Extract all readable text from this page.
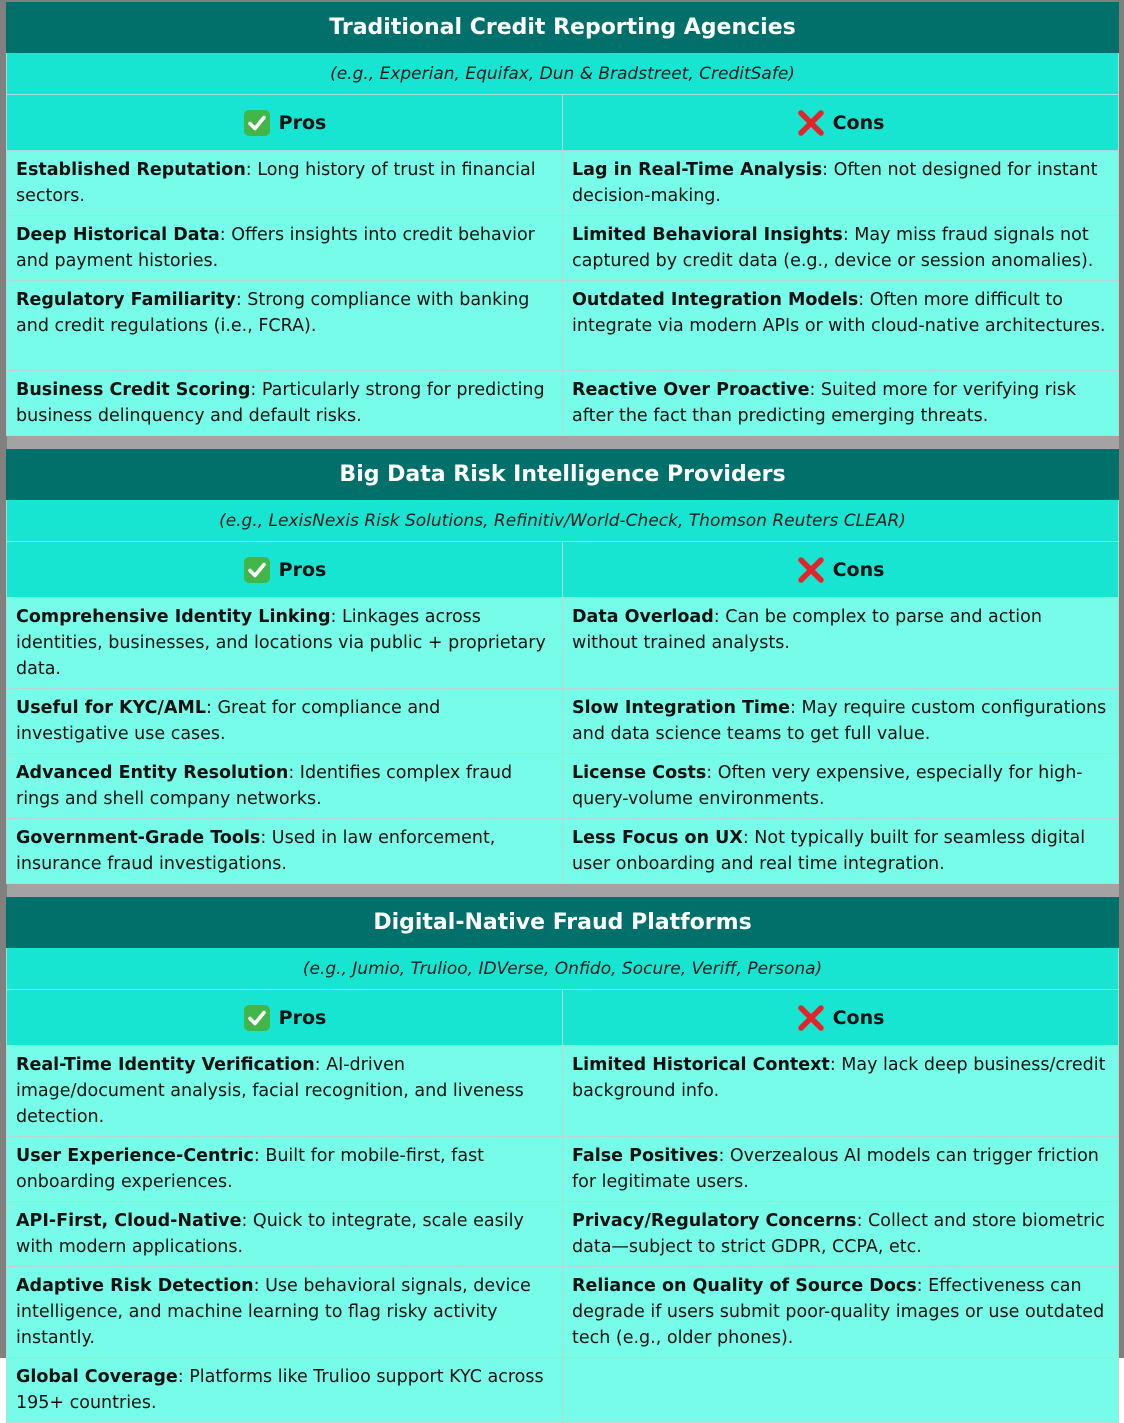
Traditional Credit Reporting Agencies	
(e.g., Experian, Equifax, Dun & Bradstreet, CreditSafe)	
Pros	Cons
Established Reputation: Long history of trust in financial sectors.	Lag in Real-Time Analysis: Often not designed for instant decision-making.
Deep Historical Data: Offers insights into credit behavior and payment histories.	Limited Behavioral Insights: May miss fraud signals not captured by credit data (e.g., device or session anomalies).
Regulatory Familiarity: Strong compliance with banking and credit regulations (i.e., FCRA).	Outdated Integration Models: Often more difficult to integrate via modern APIs or with cloud-native architectures.
Business Credit Scoring: Particularly strong for predicting business delinquency and default risks.	Reactive Over Proactive: Suited more for verifying risk after the fact than predicting emerging threats.

Big Data Risk Intelligence Providers	
(e.g., LexisNexis Risk Solutions, Refinitiv/World-Check, Thomson Reuters CLEAR)	
Pros	Cons
Comprehensive Identity Linking: Linkages across identities, businesses, and locations via public + proprietary data.	Data Overload: Can be complex to parse and action without trained analysts.
Useful for KYC/AML: Great for compliance and investigative use cases.	Slow Integration Time: May require custom configurations and data science teams to get full value.
Advanced Entity Resolution: Identifies complex fraud rings and shell company networks.	License Costs: Often very expensive, especially for high-query-volume environments.
Government-Grade Tools: Used in law enforcement, insurance fraud investigations.	Less Focus on UX: Not typically built for seamless digital user onboarding and real time integration.

Digital-Native Fraud Platforms	
(e.g., Jumio, Trulioo, IDVerse, Onfido, Socure, Veriff, Persona)	
Pros	Cons
Real-Time Identity Verification: AI-driven image/document analysis, facial recognition, and liveness detection.	Limited Historical Context: May lack deep business/credit background info.
User Experience-Centric: Built for mobile-first, fast onboarding experiences.	False Positives: Overzealous AI models can trigger friction for legitimate users.
API-First, Cloud-Native: Quick to integrate, scale easily with modern applications.	Privacy/Regulatory Concerns: Collect and store biometric data—subject to strict GDPR, CCPA, etc.
Adaptive Risk Detection: Use behavioral signals, device intelligence, and machine learning to flag risky activity instantly.	Reliance on Quality of Source Docs: Effectiveness can degrade if users submit poor-quality images or use outdated tech (e.g., older phones).
Global Coverage: Platforms like Trulioo support KYC across 195+ countries.	
